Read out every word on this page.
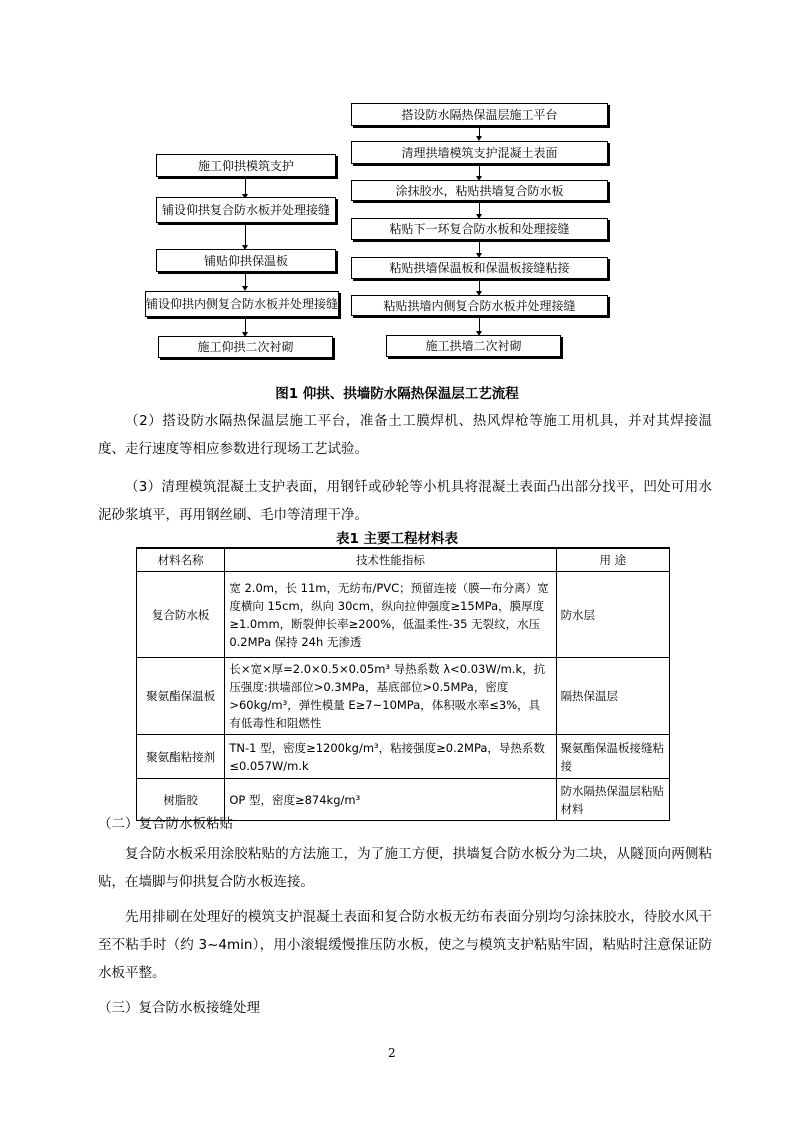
施工仰拱模筑支护
铺设仰拱复合防水板并处理接缝
铺贴仰拱保温板
铺设仰拱内侧复合防水板并处理接缝
施工仰拱二次衬砌
搭设防水隔热保温层施工平台
清理拱墙模筑支护混凝土表面
涂抹胶水，粘贴拱墙复合防水板
粘贴下一环复合防水板和处理接缝
粘贴拱墙保温板和保温板接缝粘接
粘贴拱墙内侧复合防水板并处理接缝
施工拱墙二次衬砌
图1 仰拱、拱墙防水隔热保温层工艺流程
（2）搭设防水隔热保温层施工平台，准备土工膜焊机、热风焊枪等施工用机具，并对其焊接温度、走行速度等相应参数进行现场工艺试验。
（3）清理模筑混凝土支护表面，用钢钎或砂轮等小机具将混凝土表面凸出部分找平，凹处可用水泥砂浆填平，再用钢丝刷、毛巾等清理干净。
表1 主要工程材料表
材料名称	技术性能指标	用 途
复合防水板	宽 2.0m，长 11m，无纺布/PVC；预留连接（膜—布分离）宽度横向 15cm，纵向 30cm，纵向拉伸强度≥15MPa，膜厚度≥1.0mm，断裂伸长率≥200%，低温柔性-35 无裂纹，水压 0.2MPa 保持 24h 无渗透	防水层
聚氨酯保温板	长×宽×厚=2.0×0.5×0.05m³ 导热系数 λ<0.03W/m.k，抗压强度:拱墙部位>0.3MPa，基底部位>0.5MPa，密度>60kg/m³，弹性模量 E≥7~10MPa，体积吸水率≤3%，具有低毒性和阻燃性	隔热保温层
聚氨酯粘接剂	TN-1 型，密度≥1200kg/m³，粘接强度≥0.2MPa，导热系数≤0.057W/m.k	聚氨酯保温板接缝粘接
树脂胶	OP 型，密度≥874kg/m³	防水隔热保温层粘贴材料
（二）复合防水板粘贴
复合防水板采用涂胶粘贴的方法施工，为了施工方便，拱墙复合防水板分为二块，从隧顶向两侧粘贴，在墙脚与仰拱复合防水板连接。
先用排刷在处理好的模筑支护混凝土表面和复合防水板无纺布表面分别均匀涂抹胶水，待胶水风干至不粘手时（约 3~4min），用小滚辊缓慢推压防水板，使之与模筑支护粘贴牢固，粘贴时注意保证防水板平整。
（三）复合防水板接缝处理
2
